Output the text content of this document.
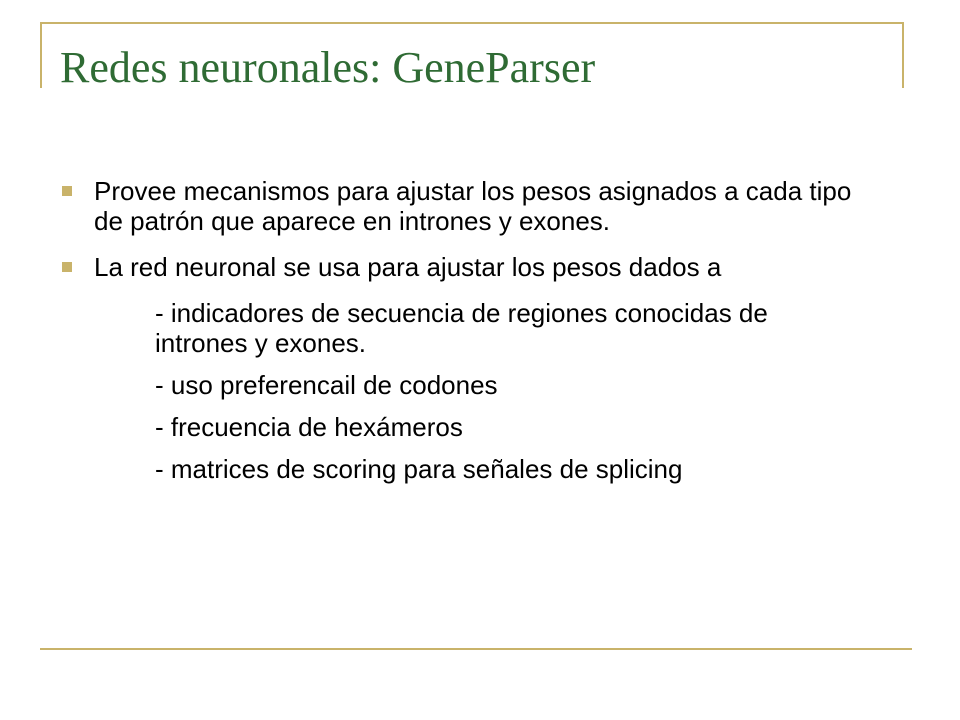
Redes neuronales: GeneParser
Provee mecanismos para ajustar los pesos asignados a cada tipo de patrón que aparece en intrones y exones.
La red neuronal se usa para ajustar los pesos dados a
- indicadores de secuencia de regiones conocidas de intrones y exones.
- uso preferencail de codones
- frecuencia de hexámeros
- matrices de scoring para señales de splicing
